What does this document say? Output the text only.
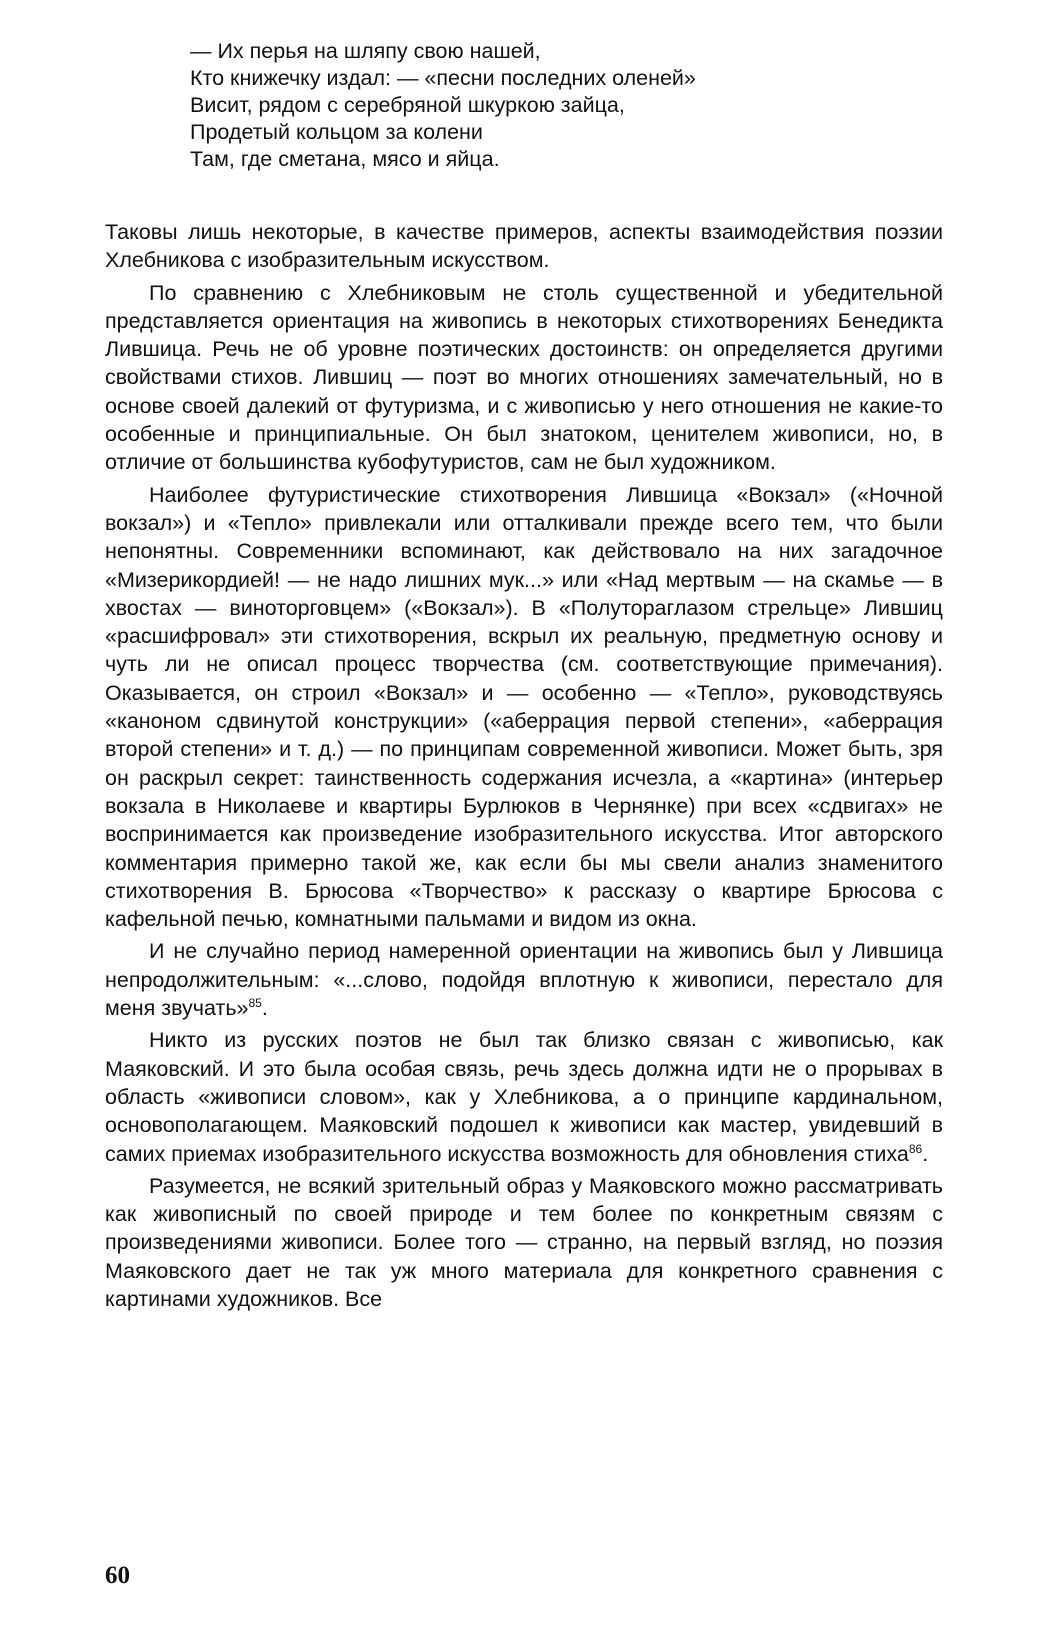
— Их перья на шляпу свою нашей,
Кто книжечку издал: — «песни последних оленей»
Висит, рядом с серебряной шкуркою зайца,
Продетый кольцом за колени
Там, где сметана, мясо и яйца.

Таковы лишь некоторые, в качестве примеров, аспекты взаимодействия поэзии Хлебникова с изобразительным искусством.

По сравнению с Хлебниковым не столь существенной и убедительной представляется ориентация на живопись в некоторых стихотворениях Бенедикта Лившица. Речь не об уровне поэтических достоинств: он определяется другими свойствами стихов. Лившиц — поэт во многих отношениях замечательный, но в основе своей далекий от футуризма, и с живописью у него отношения не какие-то особенные и принципиальные. Он был знатоком, ценителем живописи, но, в отличие от большинства кубофутуристов, сам не был художником.

Наиболее футуристические стихотворения Лившица «Вокзал» («Ночной вокзал») и «Тепло» привлекали или отталкивали прежде всего тем, что были непонятны. Современники вспоминают, как действовало на них загадочное «Мизерикордией! — не надо лишних мук...» или «Над мертвым — на скамье — в хвостах — виноторговцем» («Вокзал»). В «Полутораглазом стрельце» Лившиц «расшифровал» эти стихотворения, вскрыл их реальную, предметную основу и чуть ли не описал процесс творчества (см. соответствующие примечания). Оказывается, он строил «Вокзал» и — особенно — «Тепло», руководствуясь «каноном сдвинутой конструкции» («аберрация первой степени», «аберрация второй степени» и т. д.) — по принципам современной живописи. Может быть, зря он раскрыл секрет: таинственность содержания исчезла, а «картина» (интерьер вокзала в Николаеве и квартиры Бурлюков в Чернянке) при всех «сдвигах» не воспринимается как произведение изобразительного искусства. Итог авторского комментария примерно такой же, как если бы мы свели анализ знаменитого стихотворения В. Брюсова «Творчество» к рассказу о квартире Брюсова с кафельной печью, комнатными пальмами и видом из окна.

И не случайно период намеренной ориентации на живопись был у Лившица непродолжительным: «...слово, подойдя вплотную к живописи, перестало для меня звучать»$^{85}$.

Никто из русских поэтов не был так близко связан с живописью, как Маяковский. И это была особая связь, речь здесь должна идти не о прорывах в область «живописи словом», как у Хлебникова, а о принципе кардинальном, основополагающем. Маяковский подошел к живописи как мастер, увидевший в самих приемах изобразительного искусства возможность для обновления стиха$^{86}$.

Разумеется, не всякий зрительный образ у Маяковского можно рассматривать как живописный по своей природе и тем более по конкретным связям с произведениями живописи. Более того — странно, на первый взгляд, но поэзия Маяковского дает не так уж много материала для конкретного сравнения с картинами художников. Все

60
